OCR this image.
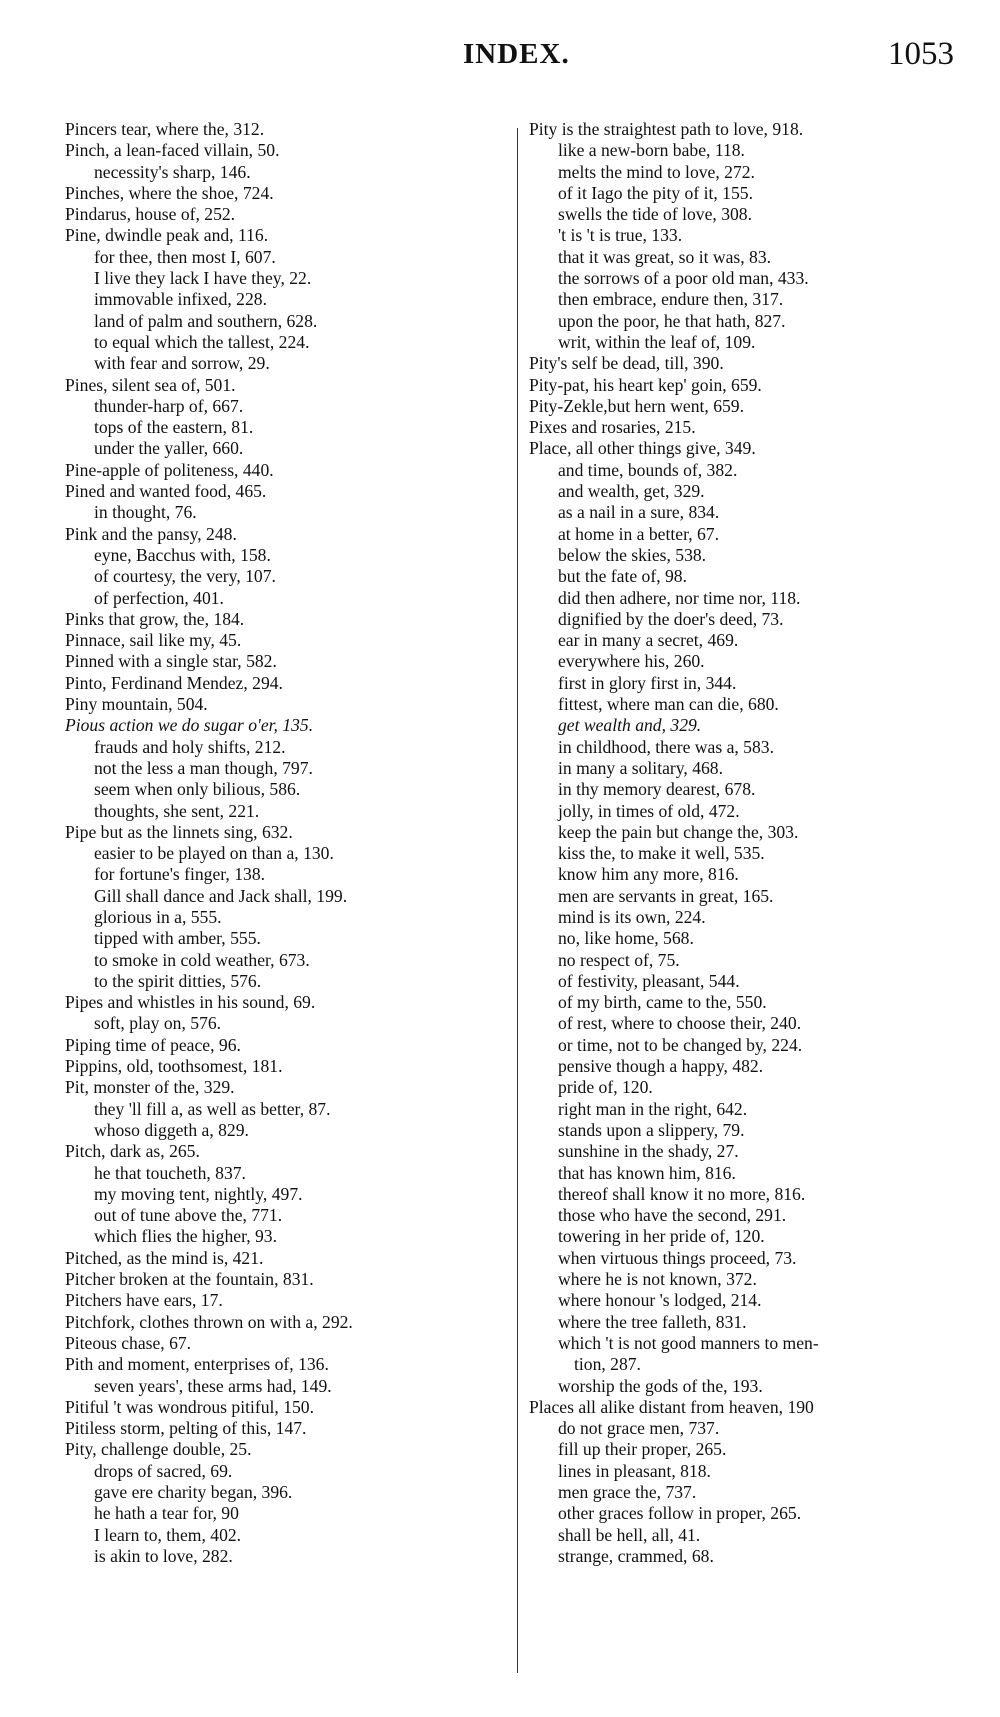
INDEX.	1053
Pincers tear, where the, 312.
Pinch, a lean-faced villain, 50.
necessity's sharp, 146.
Pinches, where the shoe, 724.
Pindarus, house of, 252.
Pine, dwindle peak and, 116.
for thee, then most I, 607.
I live they lack I have they, 22.
immovable infixed, 228.
land of palm and southern, 628.
to equal which the tallest, 224.
with fear and sorrow, 29.
Pines, silent sea of, 501.
thunder-harp of, 667.
tops of the eastern, 81.
under the yaller, 660.
Pine-apple of politeness, 440.
Pined and wanted food, 465.
in thought, 76.
Pink and the pansy, 248.
eyne, Bacchus with, 158.
of courtesy, the very, 107.
of perfection, 401.
Pinks that grow, the, 184.
Pinnace, sail like my, 45.
Pinned with a single star, 582.
Pinto, Ferdinand Mendez, 294.
Piny mountain, 504.
Pious action we do sugar o'er, 135.
frauds and holy shifts, 212.
not the less a man though, 797.
seem when only bilious, 586.
thoughts, she sent, 221.
Pipe but as the linnets sing, 632.
easier to be played on than a, 130.
for fortune's finger, 138.
Gill shall dance and Jack shall, 199.
glorious in a, 555.
tipped with amber, 555.
to smoke in cold weather, 673.
to the spirit ditties, 576.
Pipes and whistles in his sound, 69.
soft, play on, 576.
Piping time of peace, 96.
Pippins, old, toothsomest, 181.
Pit, monster of the, 329.
they 'll fill a, as well as better, 87.
whoso diggeth a, 829.
Pitch, dark as, 265.
he that toucheth, 837.
my moving tent, nightly, 497.
out of tune above the, 771.
which flies the higher, 93.
Pitched, as the mind is, 421.
Pitcher broken at the fountain, 831.
Pitchers have ears, 17.
Pitchfork, clothes thrown on with a, 292.
Piteous chase, 67.
Pith and moment, enterprises of, 136.
seven years', these arms had, 149.
Pitiful 't was wondrous pitiful, 150.
Pitiless storm, pelting of this, 147.
Pity, challenge double, 25.
drops of sacred, 69.
gave ere charity began, 396.
he hath a tear for, 90
I learn to, them, 402.
is akin to love, 282.
Pity is the straightest path to love, 918.
like a new-born babe, 118.
melts the mind to love, 272.
of it Iago the pity of it, 155.
swells the tide of love, 308.
't is 't is true, 133.
that it was great, so it was, 83.
the sorrows of a poor old man, 433.
then embrace, endure then, 317.
upon the poor, he that hath, 827.
writ, within the leaf of, 109.
Pity's self be dead, till, 390.
Pity-pat, his heart kep' goin, 659.
Pity-Zekle,but hern went, 659.
Pixes and rosaries, 215.
Place, all other things give, 349.
and time, bounds of, 382.
and wealth, get, 329.
as a nail in a sure, 834.
at home in a better, 67.
below the skies, 538.
but the fate of, 98.
did then adhere, nor time nor, 118.
dignified by the doer's deed, 73.
ear in many a secret, 469.
everywhere his, 260.
first in glory first in, 344.
fittest, where man can die, 680.
get wealth and, 329.
in childhood, there was a, 583.
in many a solitary, 468.
in thy memory dearest, 678.
jolly, in times of old, 472.
keep the pain but change the, 303.
kiss the, to make it well, 535.
know him any more, 816.
men are servants in great, 165.
mind is its own, 224.
no, like home, 568.
no respect of, 75.
of festivity, pleasant, 544.
of my birth, came to the, 550.
of rest, where to choose their, 240.
or time, not to be changed by, 224.
pensive though a happy, 482.
pride of, 120.
right man in the right, 642.
stands upon a slippery, 79.
sunshine in the shady, 27.
that has known him, 816.
thereof shall know it no more, 816.
those who have the second, 291.
towering in her pride of, 120.
when virtuous things proceed, 73.
where he is not known, 372.
where honour 's lodged, 214.
where the tree falleth, 831.
which 't is not good manners to men-
tion, 287.
worship the gods of the, 193.
Places all alike distant from heaven, 190
do not grace men, 737.
fill up their proper, 265.
lines in pleasant, 818.
men grace the, 737.
other graces follow in proper, 265.
shall be hell, all, 41.
strange, crammed, 68.
